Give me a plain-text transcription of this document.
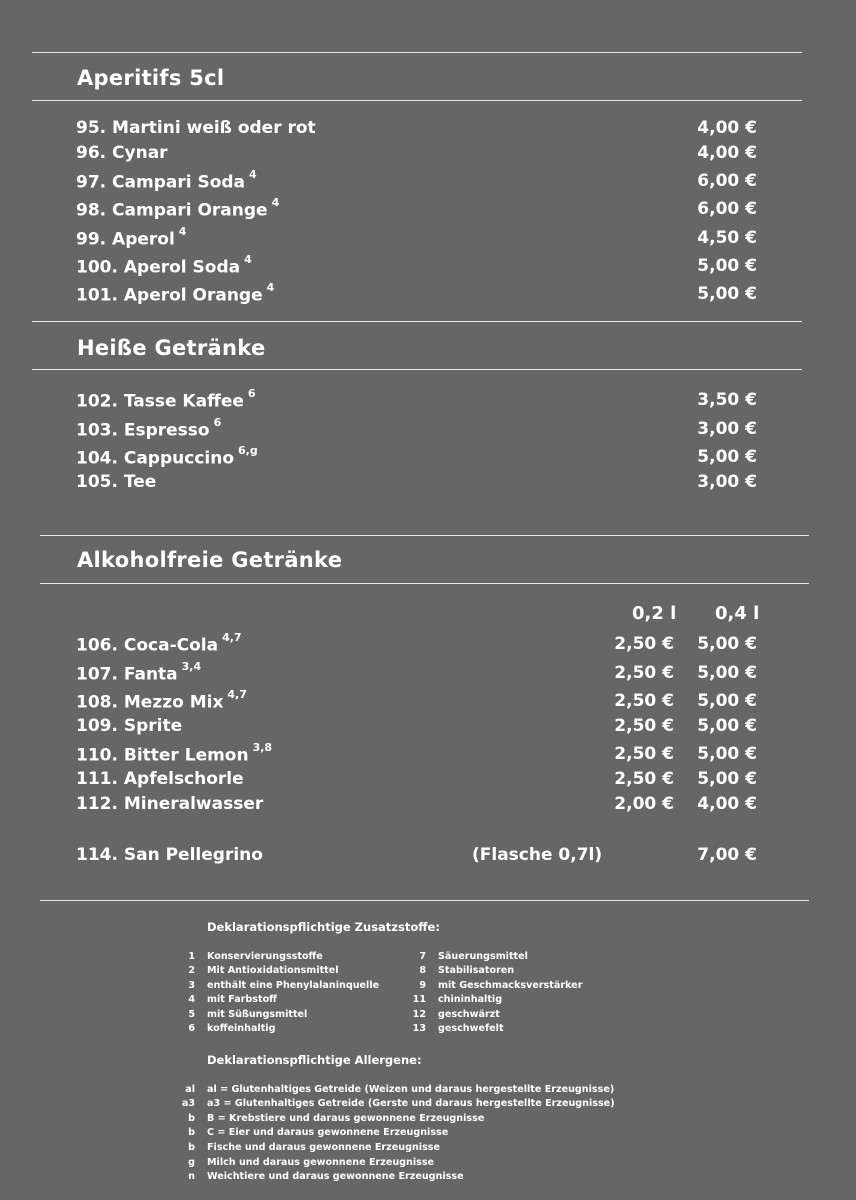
Aperitifs 5cl
95. Martini weiß oder rot	4,00 €
96. Cynar	4,00 €
97. Campari Soda $^4$	6,00 €
98. Campari Orange $^4$	6,00 €
99. Aperol $^4$	4,50 €
100. Aperol Soda $^4$	5,00 €
101. Aperol Orange $^4$	5,00 €
Heiße Getränke
102. Tasse Kaffee $^6$	3,50 €
103. Espresso $^6$	3,00 €
104. Cappuccino $^{6,g}$	5,00 €
105. Tee	3,00 €
Alkoholfreie Getränke
0,2 l 0,4 l
106. Coca-Cola $^{4,7}$	2,50 € 5,00 €
107. Fanta $^{3,4}$	2,50 € 5,00 €
108. Mezzo Mix $^{4,7}$	2,50 € 5,00 €
109. Sprite	2,50 € 5,00 €
110. Bitter Lemon $^{3,8}$	2,50 € 5,00 €
111. Apfelschorle	2,50 € 5,00 €
112. Mineralwasser	2,00 € 4,00 €
114. San Pellegrino	(Flasche 0,7l)	7,00 €
Deklarationspflichtige Zusatzstoffe:
1 Konservierungsstoffe
2 Mit Antioxidationsmittel
3 enthält eine Phenylalaninquelle
4 mit Farbstoff
5 mit Süßungsmittel
6 koffeinhaltig
7 Säuerungsmittel
8 Stabilisatoren
9 mit Geschmacksverstärker
11 chininhaltig
12 geschwärzt
13 geschwefelt
Deklarationspflichtige Allergene:
al al = Glutenhaltiges Getreide (Weizen und daraus hergestellte Erzeugnisse)
a3 a3 = Glutenhaltiges Getreide (Gerste und daraus hergestellte Erzeugnisse)
b B = Krebstiere und daraus gewonnene Erzeugnisse
b C = Eier und daraus gewonnene Erzeugnisse
b Fische und daraus gewonnene Erzeugnisse
g Milch und daraus gewonnene Erzeugnisse
n Weichtiere und daraus gewonnene Erzeugnisse
